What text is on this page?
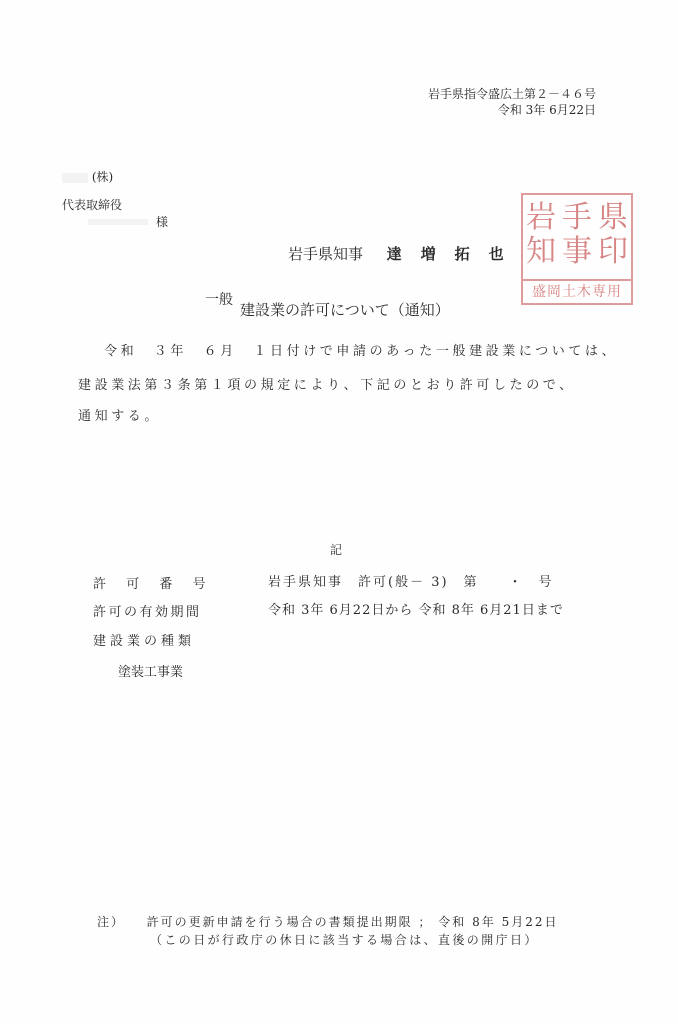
岩手県指令盛広土第２－４６号
令和 3年 6月22日
(株)
代表取締役
様
岩手県知事 達　増　拓　也
岩 手 県
知 事 印
盛岡土木専用
一般
建設業の許可について（通知）
令和　３年　６月　１日付けで申請のあった一般建設業については、
建設業法第３条第１項の規定により、下記のとおり許可したので、
通知する。
記
許　可　番　号	岩手県知事　許可(般－ 3)　第　　・　号
許可の有効期間	令和 3年 6月22日から 令和 8年 6月21日まで
建設業の種類
塗装工事業
注） 許可の更新申請を行う場合の書類提出期限 ； 令和 8年 5月22日
（この日が行政庁の休日に該当する場合は、直後の開庁日）
